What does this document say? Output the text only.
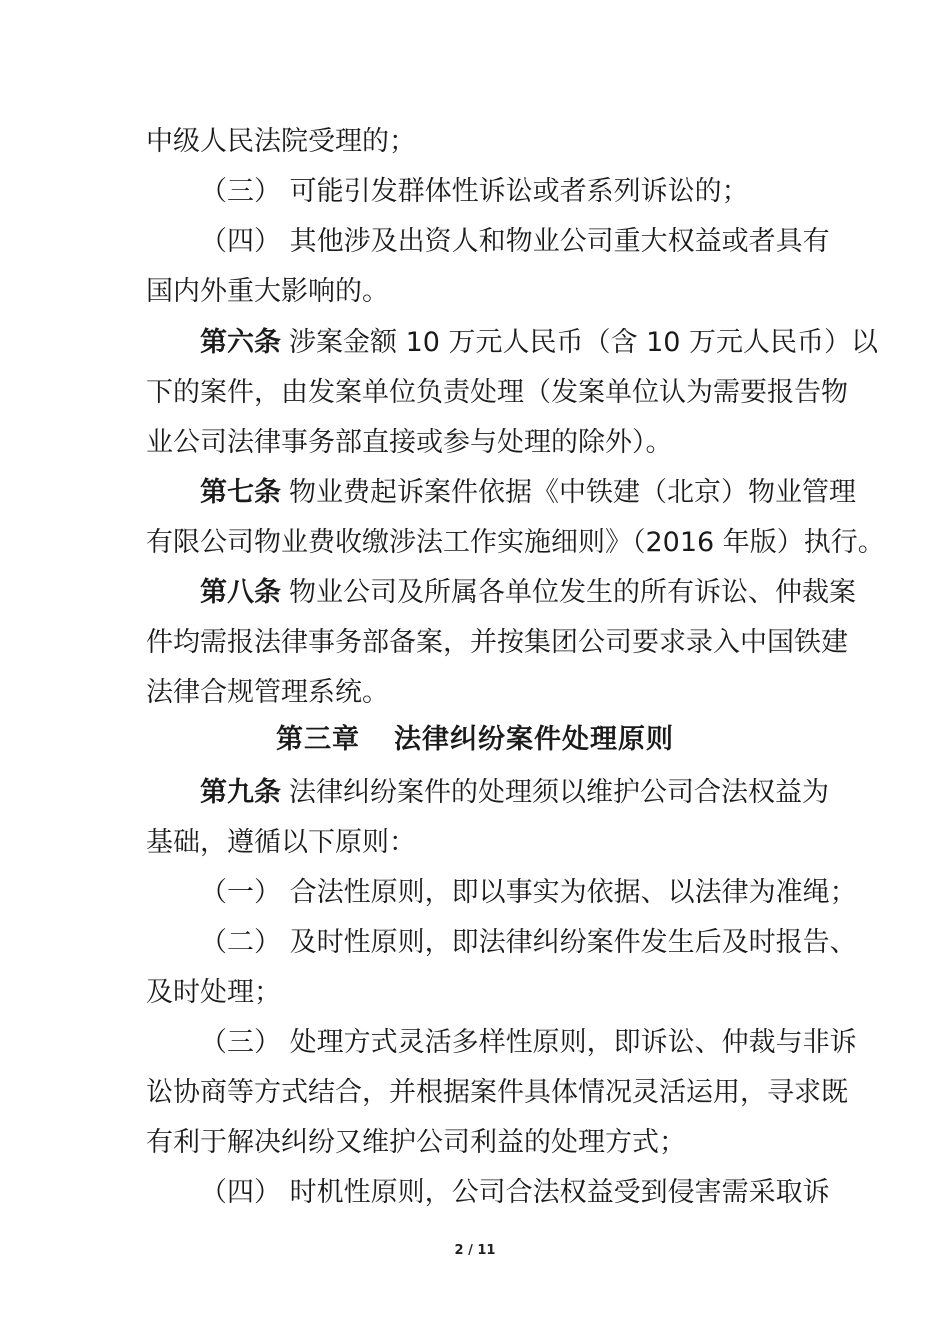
中级人民法院受理的；
（三） 可能引发群体性诉讼或者系列诉讼的；
（四） 其他涉及出资人和物业公司重大权益或者具有
国内外重大影响的。
第六条 涉案金额 10 万元人民币（含 10 万元人民币）以
下的案件，由发案单位负责处理（发案单位认为需要报告物
业公司法律事务部直接或参与处理的除外）。
第七条 物业费起诉案件依据《中铁建（北京）物业管理
有限公司物业费收缴涉法工作实施细则》（2016 年版）执行。
第八条 物业公司及所属各单位发生的所有诉讼、仲裁案
件均需报法律事务部备案，并按集团公司要求录入中国铁建
法律合规管理系统。
第三章 法律纠纷案件处理原则
第九条 法律纠纷案件的处理须以维护公司合法权益为
基础，遵循以下原则：
（一） 合法性原则，即以事实为依据、以法律为准绳；
（二） 及时性原则，即法律纠纷案件发生后及时报告、
及时处理；
（三） 处理方式灵活多样性原则，即诉讼、仲裁与非诉
讼协商等方式结合，并根据案件具体情况灵活运用，寻求既
有利于解决纠纷又维护公司利益的处理方式；
（四） 时机性原则，公司合法权益受到侵害需采取诉
2 / 11
